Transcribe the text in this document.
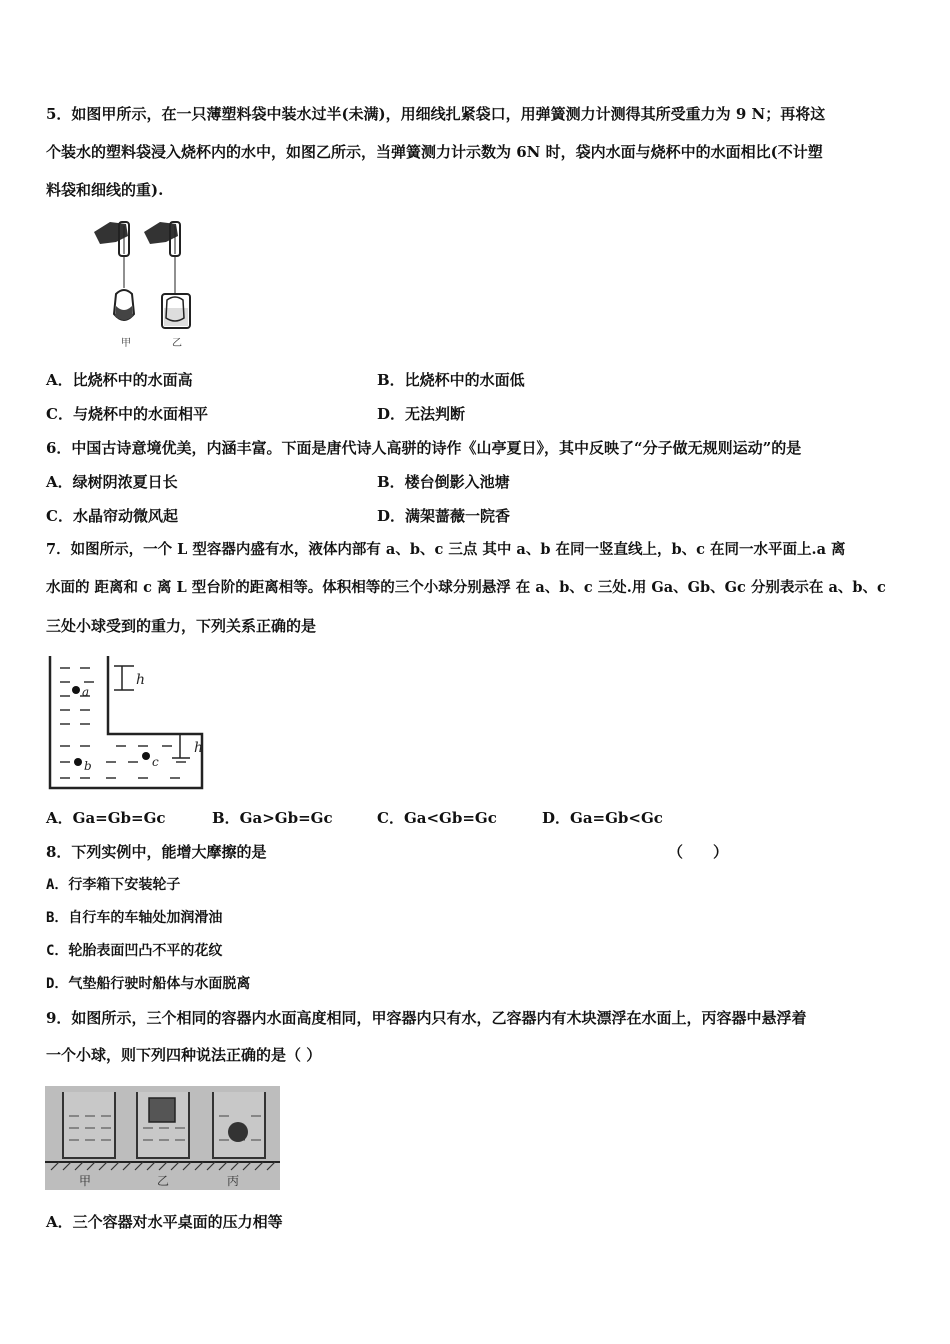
5．如图甲所示，在一只薄塑料袋中装水过半(未满)，用细线扎紧袋口，用弹簧测力计测得其所受重力为 9 N；再将这
个装水的塑料袋浸入烧杯内的水中，如图乙所示，当弹簧测力计示数为 6N 时，袋内水面与烧杯中的水面相比(不计塑
料袋和细线的重).
甲	乙
A．比烧杯中的水面高	B．比烧杯中的水面低
C．与烧杯中的水面相平	D．无法判断
6．中国古诗意境优美，内涵丰富。下面是唐代诗人高骈的诗作《山亭夏日》，其中反映了“分子做无规则运动”的是
A．绿树阴浓夏日长	B．楼台倒影入池塘
C．水晶帘动微风起	D．满架蔷薇一院香
7．如图所示，一个 L 型容器内盛有水，液体内部有 a、b、c 三点 其中 a、b 在同一竖直线上，b、c 在同一水平面上.a 离
水面的 距离和 c 离 L 型台阶的距离相等。体积相等的三个小球分别悬浮 在 a、b、c 三处.用 Ga、Gb、Gc 分别表示在 a、b、c
三处小球受到的重力，下列关系正确的是
a
b	c
h
h
A．Ga=Gb=Gc	B．Ga>Gb=Gc	C．Ga<Gb=Gc	D．Ga=Gb<Gc
8．下列实例中，能增大摩擦的是	（　　）
A．行李箱下安装轮子
B．自行车的车轴处加润滑油
C．轮胎表面凹凸不平的花纹
D．气垫船行驶时船体与水面脱离
9．如图所示，三个相同的容器内水面高度相同，甲容器内只有水，乙容器内有木块漂浮在水面上，丙容器中悬浮着
一个小球，则下列四种说法正确的是（ ）
甲	乙	丙
A．三个容器对水平桌面的压力相等
